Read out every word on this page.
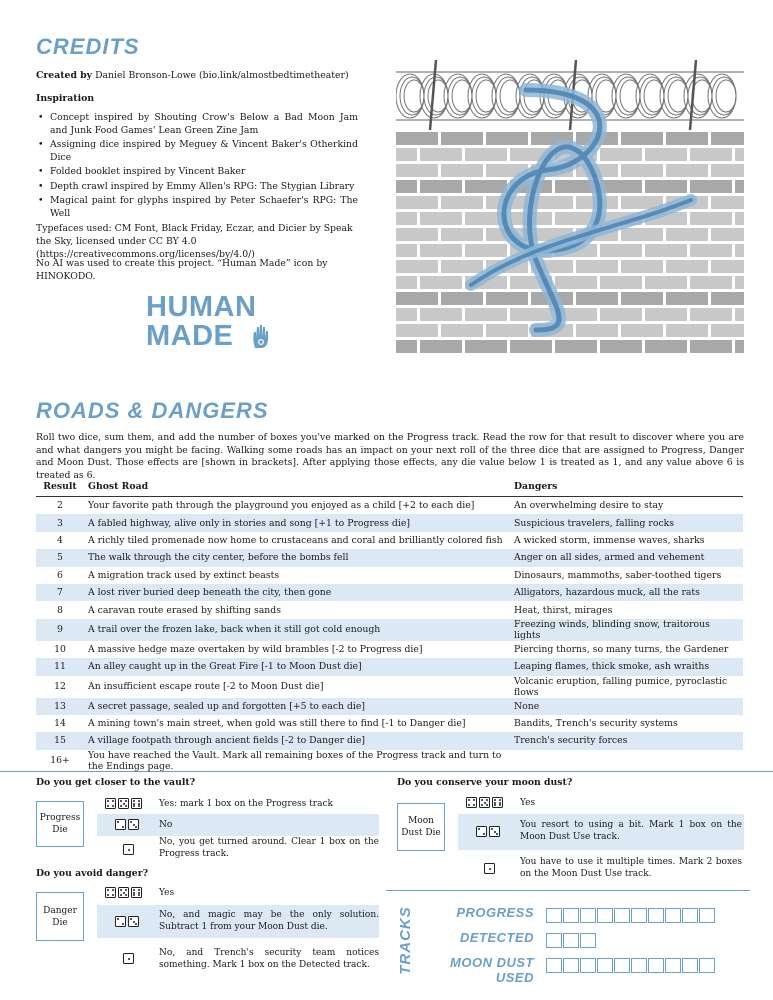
CREDITS
Created by Daniel Bronson-Lowe (bio.link/almostbedtimetheater)
Inspiration
• Concept inspired by Shouting Crow's Below a Bad Moon Jam and Junk Food Games' Lean Green Zine Jam
• Assigning dice inspired by Meguey & Vincent Baker's Otherkind Dice
• Folded booklet inspired by Vincent Baker
• Depth crawl inspired by Emmy Allen's RPG: The Stygian Library
• Magical paint for glyphs inspired by Peter Schaefer's RPG: The Well
Typefaces used: CM Font, Black Friday, Eczar, and Dicier by Speak the Sky, licensed under CC BY 4.0 (https://creativecommons.org/licenses/by/4.0/)
No AI was used to create this project. “Human Made” icon by HINOKODO.
HUMAN
MADE
ROADS & DANGERS
Roll two dice, sum them, and add the number of boxes you've marked on the Progress track. Read the row for that result to discover where you are and what dangers you might be facing. Walking some roads has an impact on your next roll of the three dice that are assigned to Progress, Danger and Moon Dust. Those effects are [shown in brackets]. After applying those effects, any die value below 1 is treated as 1, and any value above 6 is treated as 6.
Result	Ghost Road	Dangers
2	Your favorite path through the playground you enjoyed as a child [+2 to each die]	An overwhelming desire to stay
3	A fabled highway, alive only in stories and song [+1 to Progress die]	Suspicious travelers, falling rocks
4	A richly tiled promenade now home to crustaceans and coral and brilliantly colored fish	A wicked storm, immense waves, sharks
5	The walk through the city center, before the bombs fell	Anger on all sides, armed and vehement
6	A migration track used by extinct beasts	Dinosaurs, mammoths, saber-toothed tigers
7	A lost river buried deep beneath the city, then gone	Alligators, hazardous muck, all the rats
8	A caravan route erased by shifting sands	Heat, thirst, mirages
9	A trail over the frozen lake, back when it still got cold enough	Freezing winds, blinding snow, traitorous lights
10	A massive hedge maze overtaken by wild brambles [-2 to Progress die]	Piercing thorns, so many turns, the Gardener
11	An alley caught up in the Great Fire [-1 to Moon Dust die]	Leaping flames, thick smoke, ash wraiths
12	An insufficient escape route [-2 to Moon Dust die]	Volcanic eruption, falling pumice, pyroclastic flows
13	A secret passage, sealed up and forgotten [+5 to each die]	None
14	A mining town's main street, when gold was still there to find [-1 to Danger die]	Bandits, Trench's security systems
15	A village footpath through ancient fields [-2 to Danger die]	Trench's security forces
16+	You have reached the Vault. Mark all remaining boxes of the Progress track and turn to the Endings page.	
Do you get closer to the vault?
Progress Die
Yes: mark 1 box on the Progress track
No
No, you get turned around. Clear 1 box on the Progress track.
Do you avoid danger?
Danger Die
Yes
No, and magic may be the only solution. Subtract 1 from your Moon Dust die.
No, and Trench's security team notices something. Mark 1 box on the Detected track.
Do you conserve your moon dust?
Moon Dust Die
Yes
You resort to using a bit. Mark 1 box on the Moon Dust Use track.
You have to use it multiple times. Mark 2 boxes on the Moon Dust Use track.
TRACKS	PROGRESS
DETECTED
MOON DUST USED
